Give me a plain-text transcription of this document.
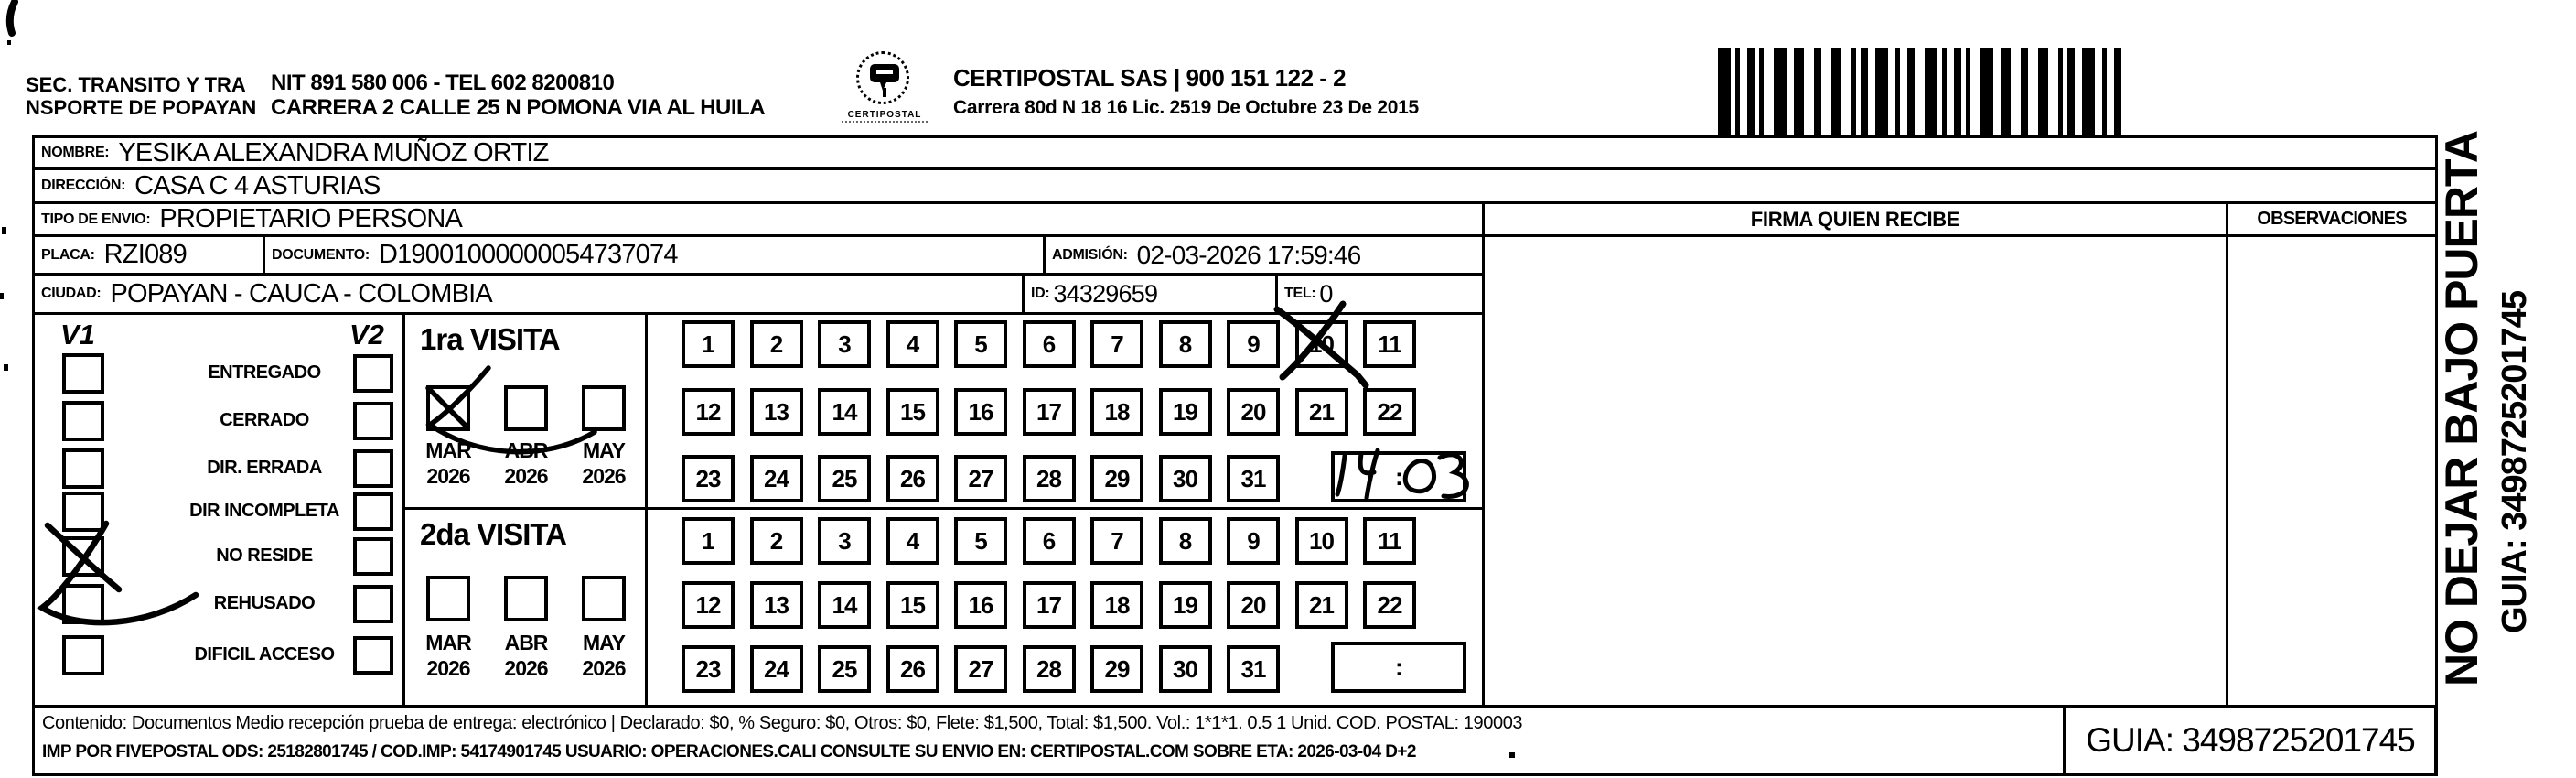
SEC. TRANSITO Y TRA
NSPORTE DE POPAYAN
NIT 891 580 006 - TEL 602 8200810
CARRERA 2 CALLE 25 N POMONA VIA AL HUILA	CERTIPOSTAL
CERTIPOSTAL SAS | 900 151 122 - 2
Carrera 80d N 18 16 Lic. 2519 De Octubre 23 De 2015
NOMBRE: YESIKA ALEXANDRA MUÑOZ ORTIZ
DIRECCIÓN: CASA C 4 ASTURIAS
TIPO DE ENVIO: PROPIETARIO PERSONA
PLACA: RZI089	DOCUMENTO: D19001000000054737074	ADMISIÓN: 02-03-2026 17:59:46
CIUDAD: POPAYAN - CAUCA - COLOMBIA	ID: 34329659	TEL: 0
FIRMA QUIEN RECIBE	OBSERVACIONES
V1	V2
ENTREGADO
CERRADO
DIR. ERRADA
DIR INCOMPLETA
NO RESIDE
REHUSADO
DIFICIL ACCESO
1ra VISITA
MAR
2026
ABR
2026
MAY
2026
2da VISITA
MAR
2026
ABR
2026
MAY
2026
1	2	3	4	5	6	7	8	9	10	11
12	13	14	15	16	17	18	19	20	21	22
23	24	25	26	27	28	29	30	31	:
1	2	3	4	5	6	7	8	9	10	11
12	13	14	15	16	17	18	19	20	21	22
23	24	25	26	27	28	29	30	31	:
Contenido: Documentos Medio recepción prueba de entrega: electrónico | Declarado: $0, % Seguro: $0, Otros: $0, Flete: $1,500, Total: $1,500. Vol.: 1*1*1. 0.5 1 Unid. COD. POSTAL: 190003
IMP POR FIVEPOSTAL ODS: 25182801745 / COD.IMP: 54174901745 USUARIO: OPERACIONES.CALI CONSULTE SU ENVIO EN: CERTIPOSTAL.COM SOBRE ETA: 2026-03-04 D+2	GUIA: 3498725201745
NO DEJAR BAJO PUERTA GUIA: 3498725201745
